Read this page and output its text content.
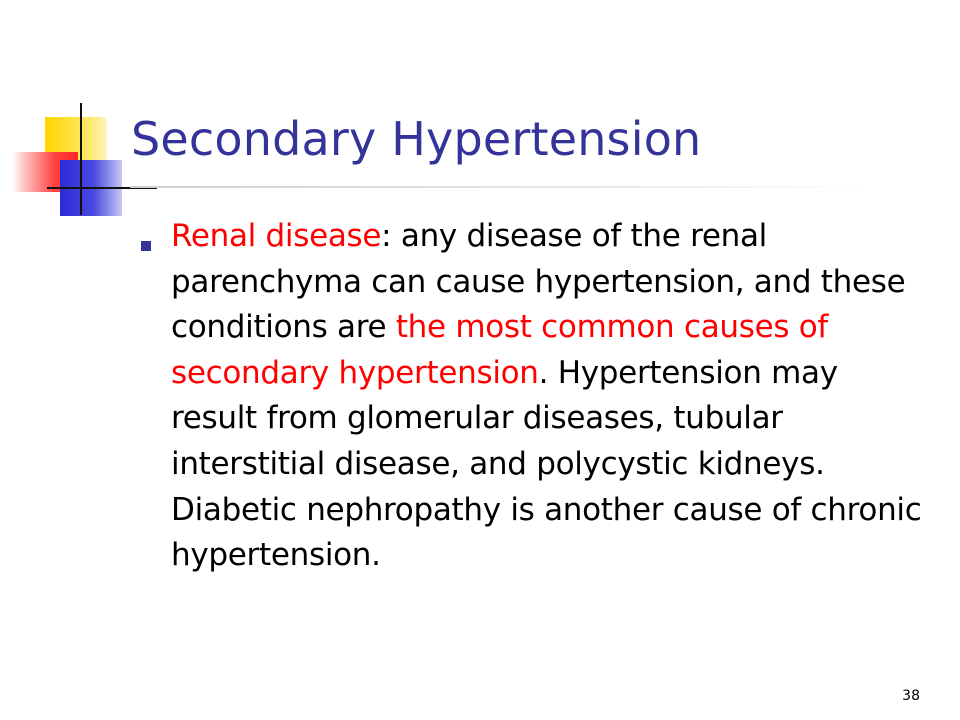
Secondary Hypertension

Renal disease: any disease of the renal parenchyma can cause hypertension, and these conditions are the most common causes of secondary hypertension. Hypertension may result from glomerular diseases, tubular interstitial disease, and polycystic kidneys. Diabetic nephropathy is another cause of chronic hypertension.

38
